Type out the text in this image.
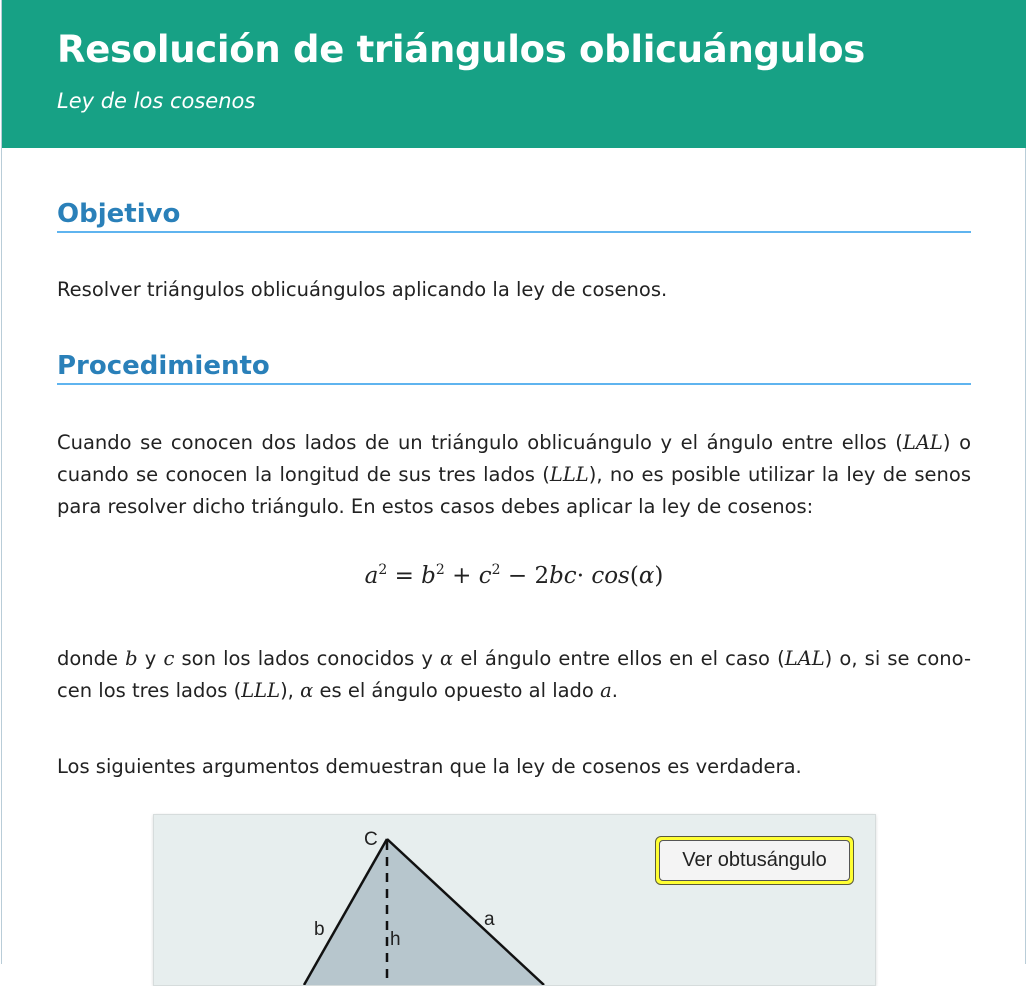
Resolución de triángulos oblicuángulos

Ley de los cosenos

Objetivo

Resolver triángulos oblicuángulos aplicando la ley de cosenos.

Procedimiento
Cuando se conocen dos lados de un triángulo oblicuángulo y el ángulo entre ellos (LAL) o
cuando se conocen la longitud de sus tres lados (LLL), no es posible utilizar la ley de senos
para resolver dicho triángulo. En estos casos debes aplicar la ley de cosenos:
$a^2 = b^2 + c^2 - 2bc\cdot \cos(\alpha)$
donde b y c son los lados conocidos y α el ángulo entre ellos en el caso (LAL) o, si se cono-
cen los tres lados (LLL), α es el ángulo opuesto al lado a.

Los siguientes argumentos demuestran que la ley de cosenos es verdadera.

C
b	a
h
Ver obtusángulo
